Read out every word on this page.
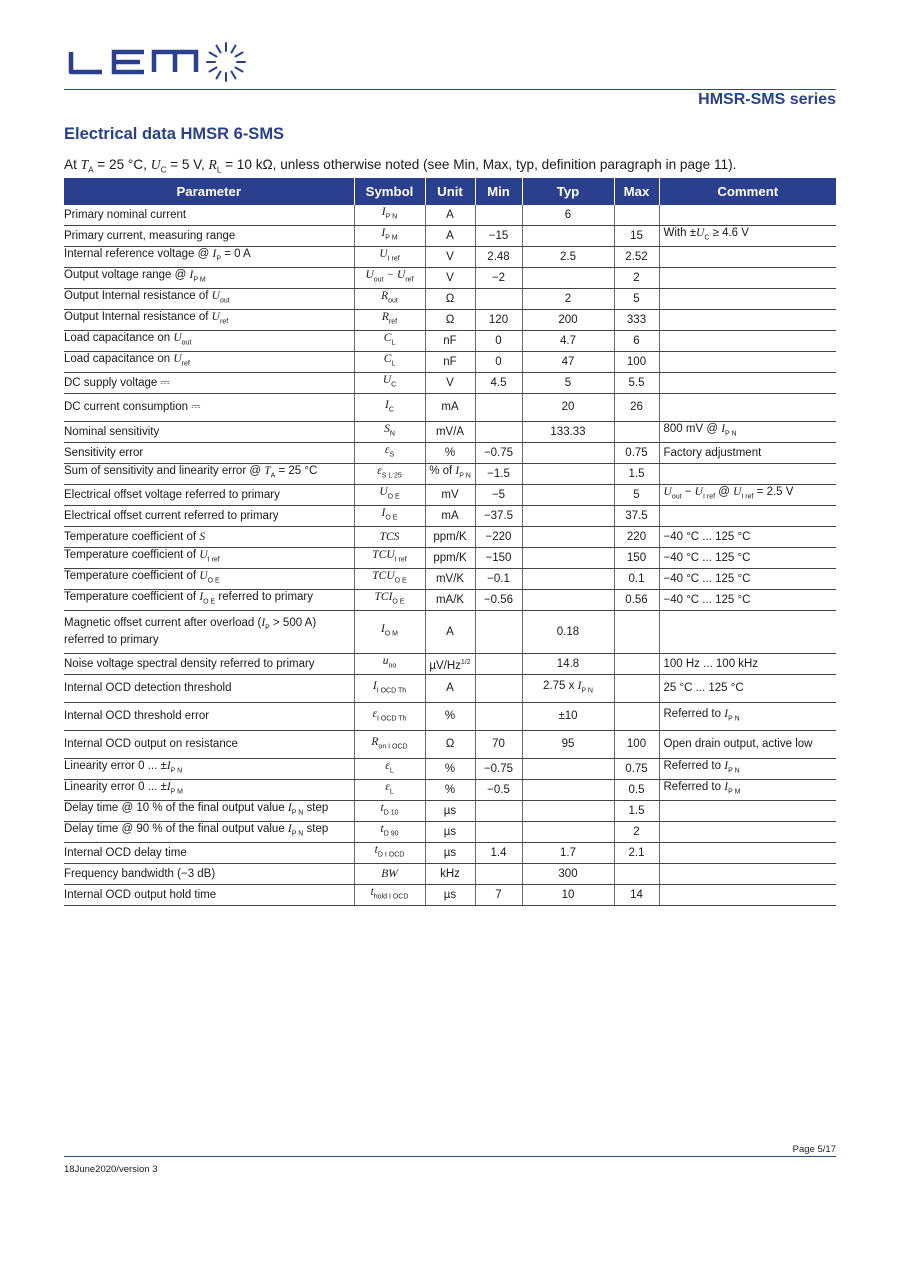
HMSR-SMS series
Electrical data HMSR 6-SMS
At $T_A = 25$ °C, $U_C = 5$ V, $R_L = 10$ kΩ, unless otherwise noted (see Min, Max, typ, definition paragraph in page 11).
Parameter	Symbol	Unit	Min	Typ	Max	Comment
Primary nominal current	$I_{P N}$	A		6		
Primary current, measuring range	$I_{P M}$	A	−15		15	With $\pm U_C \ge 4.6$ V
Internal reference voltage @ $I_P = 0$ A	$U_{I ref}$	V	2.48	2.5	2.52	
Output voltage range @ $I_{P M}$	$U_{out} - U_{ref}$	V	−2		2	
Output Internal resistance of $U_{out}$	$R_{out}$	Ω		2	5	
Output Internal resistance of $U_{ref}$	$R_{ref}$	Ω	120	200	333	
Load capacitance on $U_{out}$	$C_L$	nF	0	4.7	6	
Load capacitance on $U_{ref}$	$C_L$	nF	0	47	100	
DC supply voltage ⎓	$U_C$	V	4.5	5	5.5	
DC current consumption ⎓	$I_C$	mA		20	26	
Nominal sensitivity	$S_N$	mV/A		133.33		800 mV @ $I_{P N}$
Sensitivity error	$\varepsilon_S$	%	−0.75		0.75	Factory adjustment
Sum of sensitivity and linearity error @ $T_A = 25$ °C	$\varepsilon_{S L 25}$	% of $I_{P N}$	−1.5		1.5	
Electrical offset voltage referred to primary	$U_{O E}$	mV	−5		5	$U_{out} - U_{I ref}$ @ $U_{I ref} = 2.5$ V
Electrical offset current referred to primary	$I_{O E}$	mA	−37.5		37.5	
Temperature coefficient of S	TCS	ppm/K	−220		220	−40 °C ... 125 °C
Temperature coefficient of $U_{I ref}$	$TCU_{I ref}$	ppm/K	−150		150	−40 °C ... 125 °C
Temperature coefficient of $U_{O E}$	$TCU_{O E}$	mV/K	−0.1		0.1	−40 °C ... 125 °C
Temperature coefficient of $I_{O E}$ referred to primary	$TCI_{O E}$	mA/K	−0.56		0.56	−40 °C ... 125 °C
Magnetic offset current after overload ($I_P > 500$ A) referred to primary	$I_{O M}$	A		0.18		
Noise voltage spectral density referred to primary	$u_{no}$	$\mu V/Hz^{1/2}$		14.8		100 Hz ... 100 kHz
Internal OCD detection threshold	$I_{I OCD Th}$	A		2.75 x $I_{P N}$		25 °C ... 125 °C
Internal OCD threshold error	$\varepsilon_{I OCD Th}$	%		±10		Referred to $I_{P N}$
Internal OCD output on resistance	$R_{on I OCD}$	Ω	70	95	100	Open drain output, active low
Linearity error 0 ... $\pm I_{P N}$	$\varepsilon_L$	%	−0.75		0.75	Referred to $I_{P N}$
Linearity error 0 ... $\pm I_{P M}$	$\varepsilon_L$	%	−0.5		0.5	Referred to $I_{P M}$
Delay time @ 10 % of the final output value $I_{P N}$ step	$t_{D 10}$	µs			1.5	
Delay time @ 90 % of the final output value $I_{P N}$ step	$t_{D 90}$	µs			2	
Internal OCD delay time	$t_{D I OCD}$	µs	1.4	1.7	2.1	
Frequency bandwidth (−3 dB)	BW	kHz		300		
Internal OCD output hold time	$t_{hold I OCD}$	µs	7	10	14	
Page 5/17
18June2020/version 3
